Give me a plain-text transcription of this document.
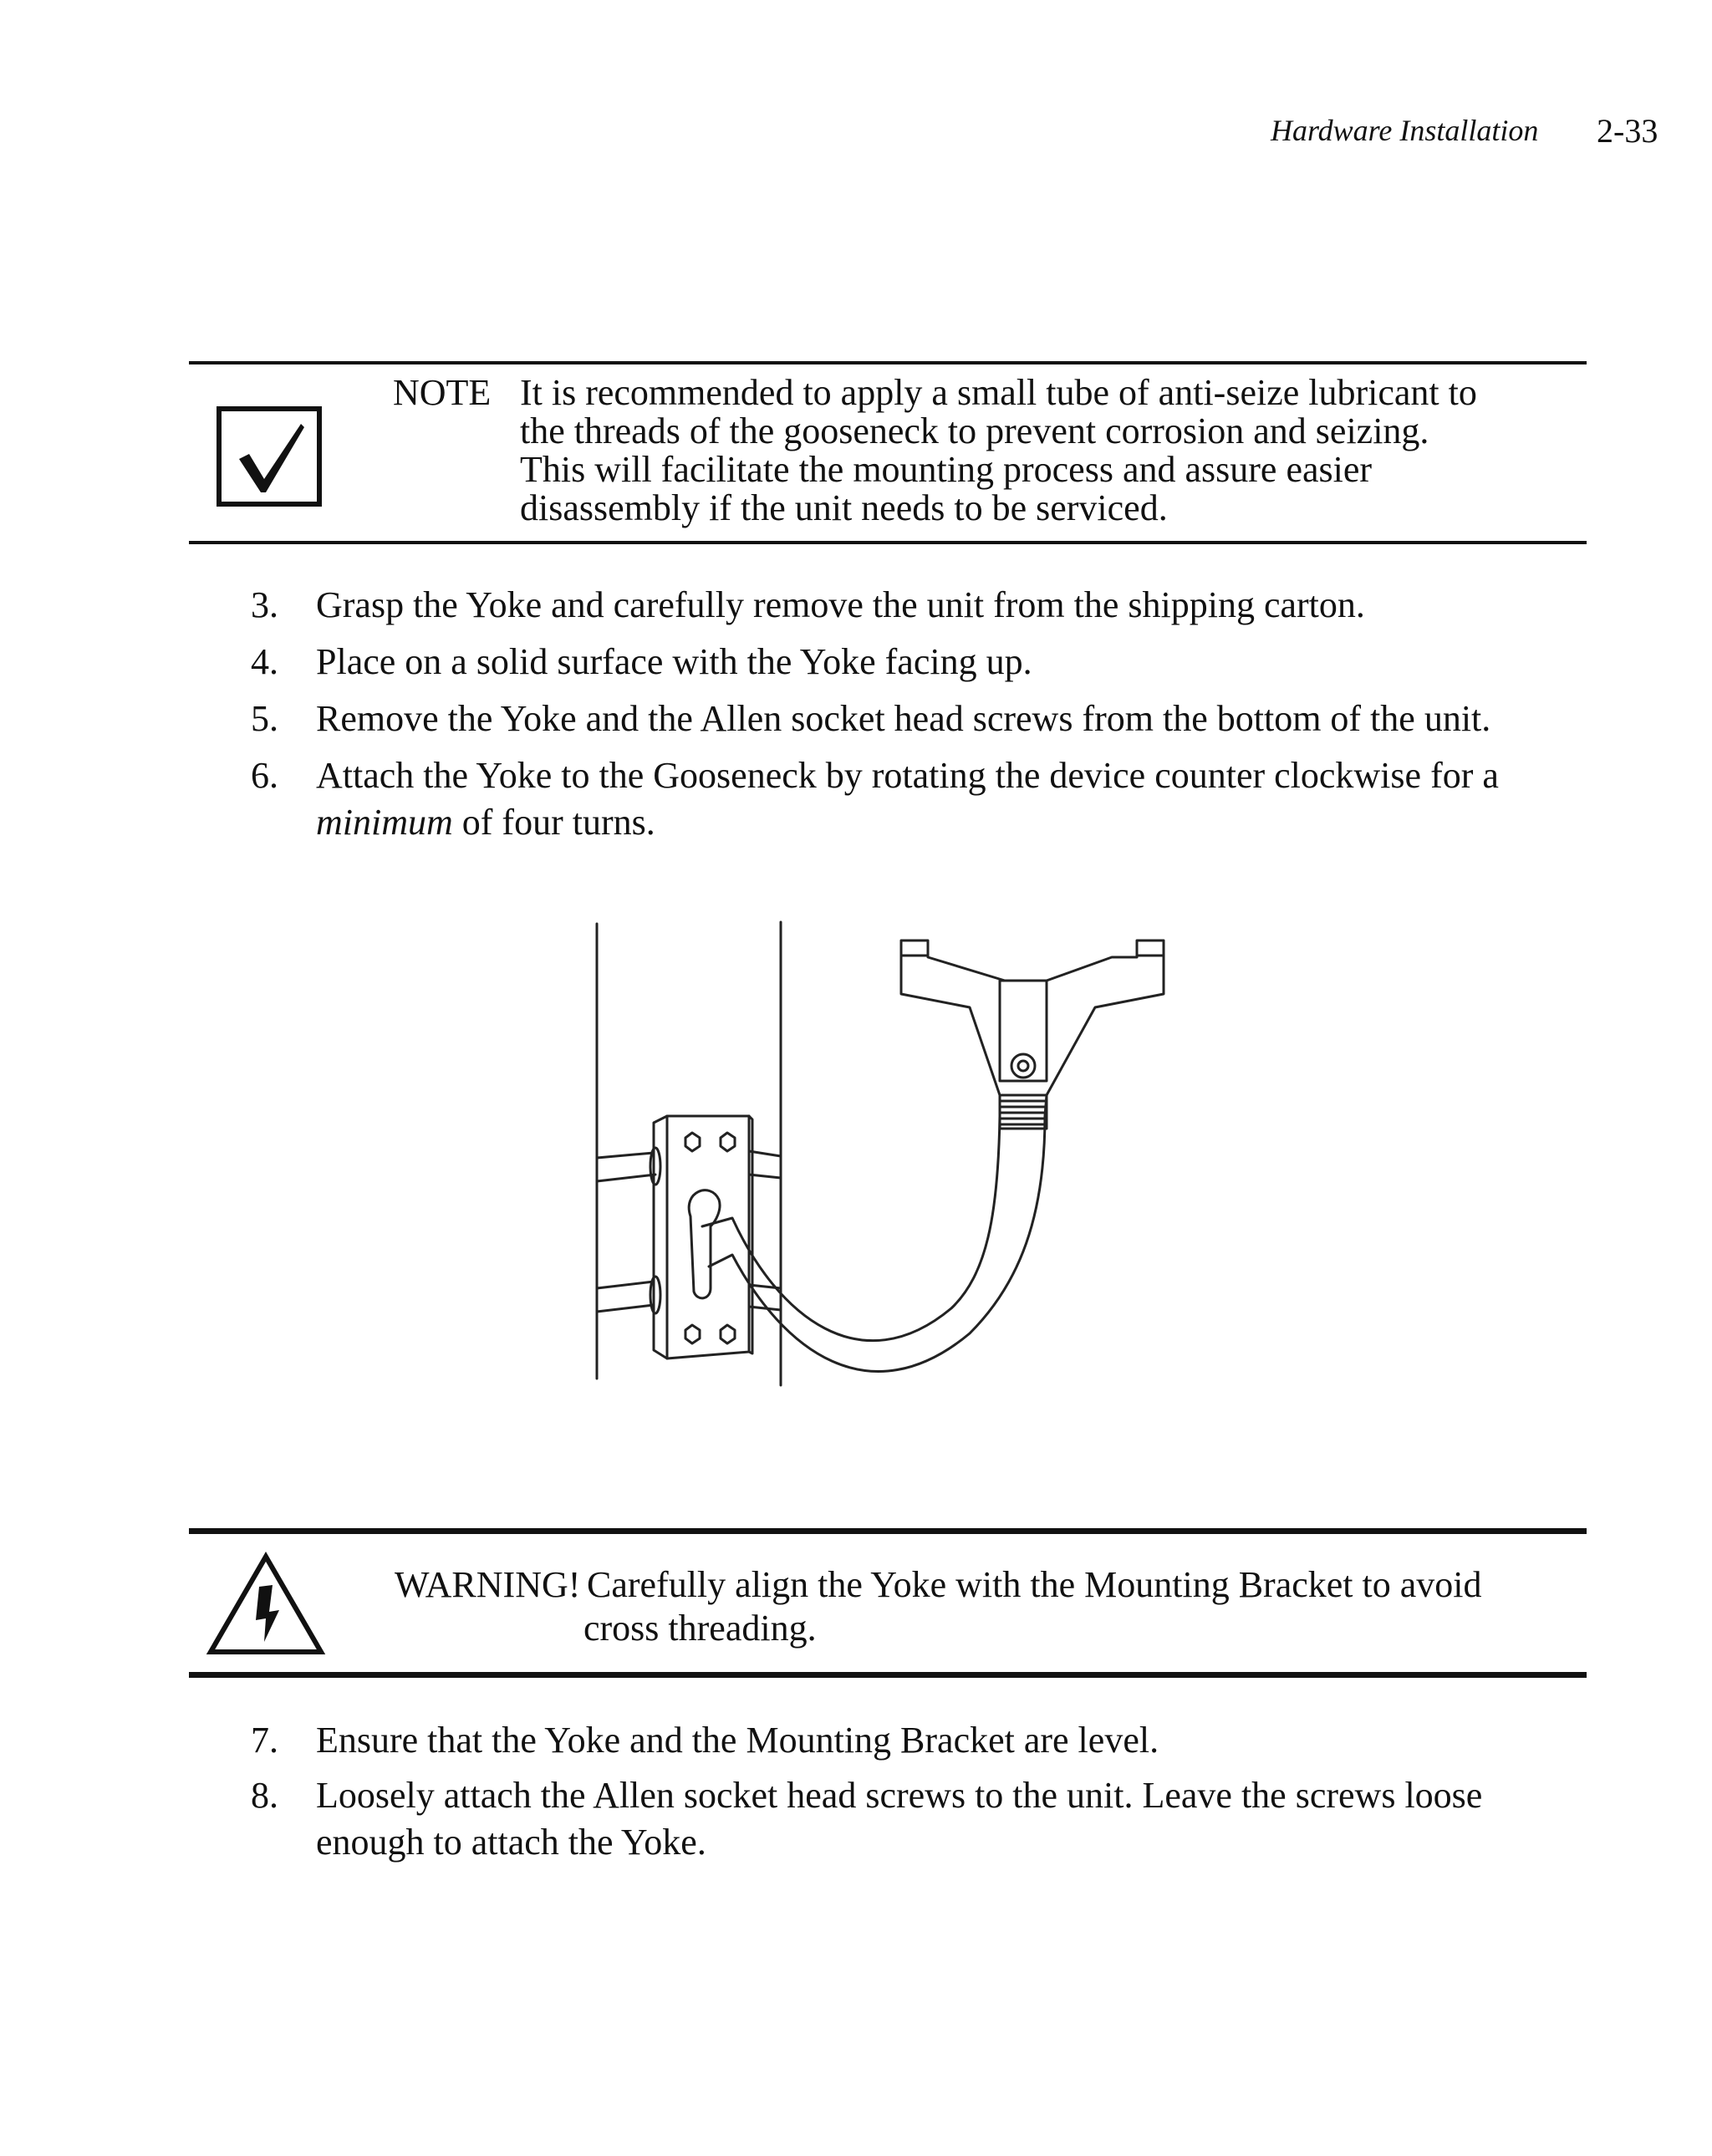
Hardware Installation 2-33
NOTE It is recommended to apply a small tube of anti-seize lubricant to
the threads of the gooseneck to prevent corrosion and seizing.
This will facilitate the mounting process and assure easier
disassembly if the unit needs to be serviced.
3. Grasp the Yoke and carefully remove the unit from the shipping carton.
4. Place on a solid surface with the Yoke facing up.
5. Remove the Yoke and the Allen socket head screws from the bottom of the unit.
6. Attach the Yoke to the Gooseneck by rotating the device counter clockwise for a
minimum of four turns.
WARNING! Carefully align the Yoke with the Mounting Bracket to avoid
cross threading.
7. Ensure that the Yoke and the Mounting Bracket are level.
8. Loosely attach the Allen socket head screws to the unit. Leave the screws loose
enough to attach the Yoke.
